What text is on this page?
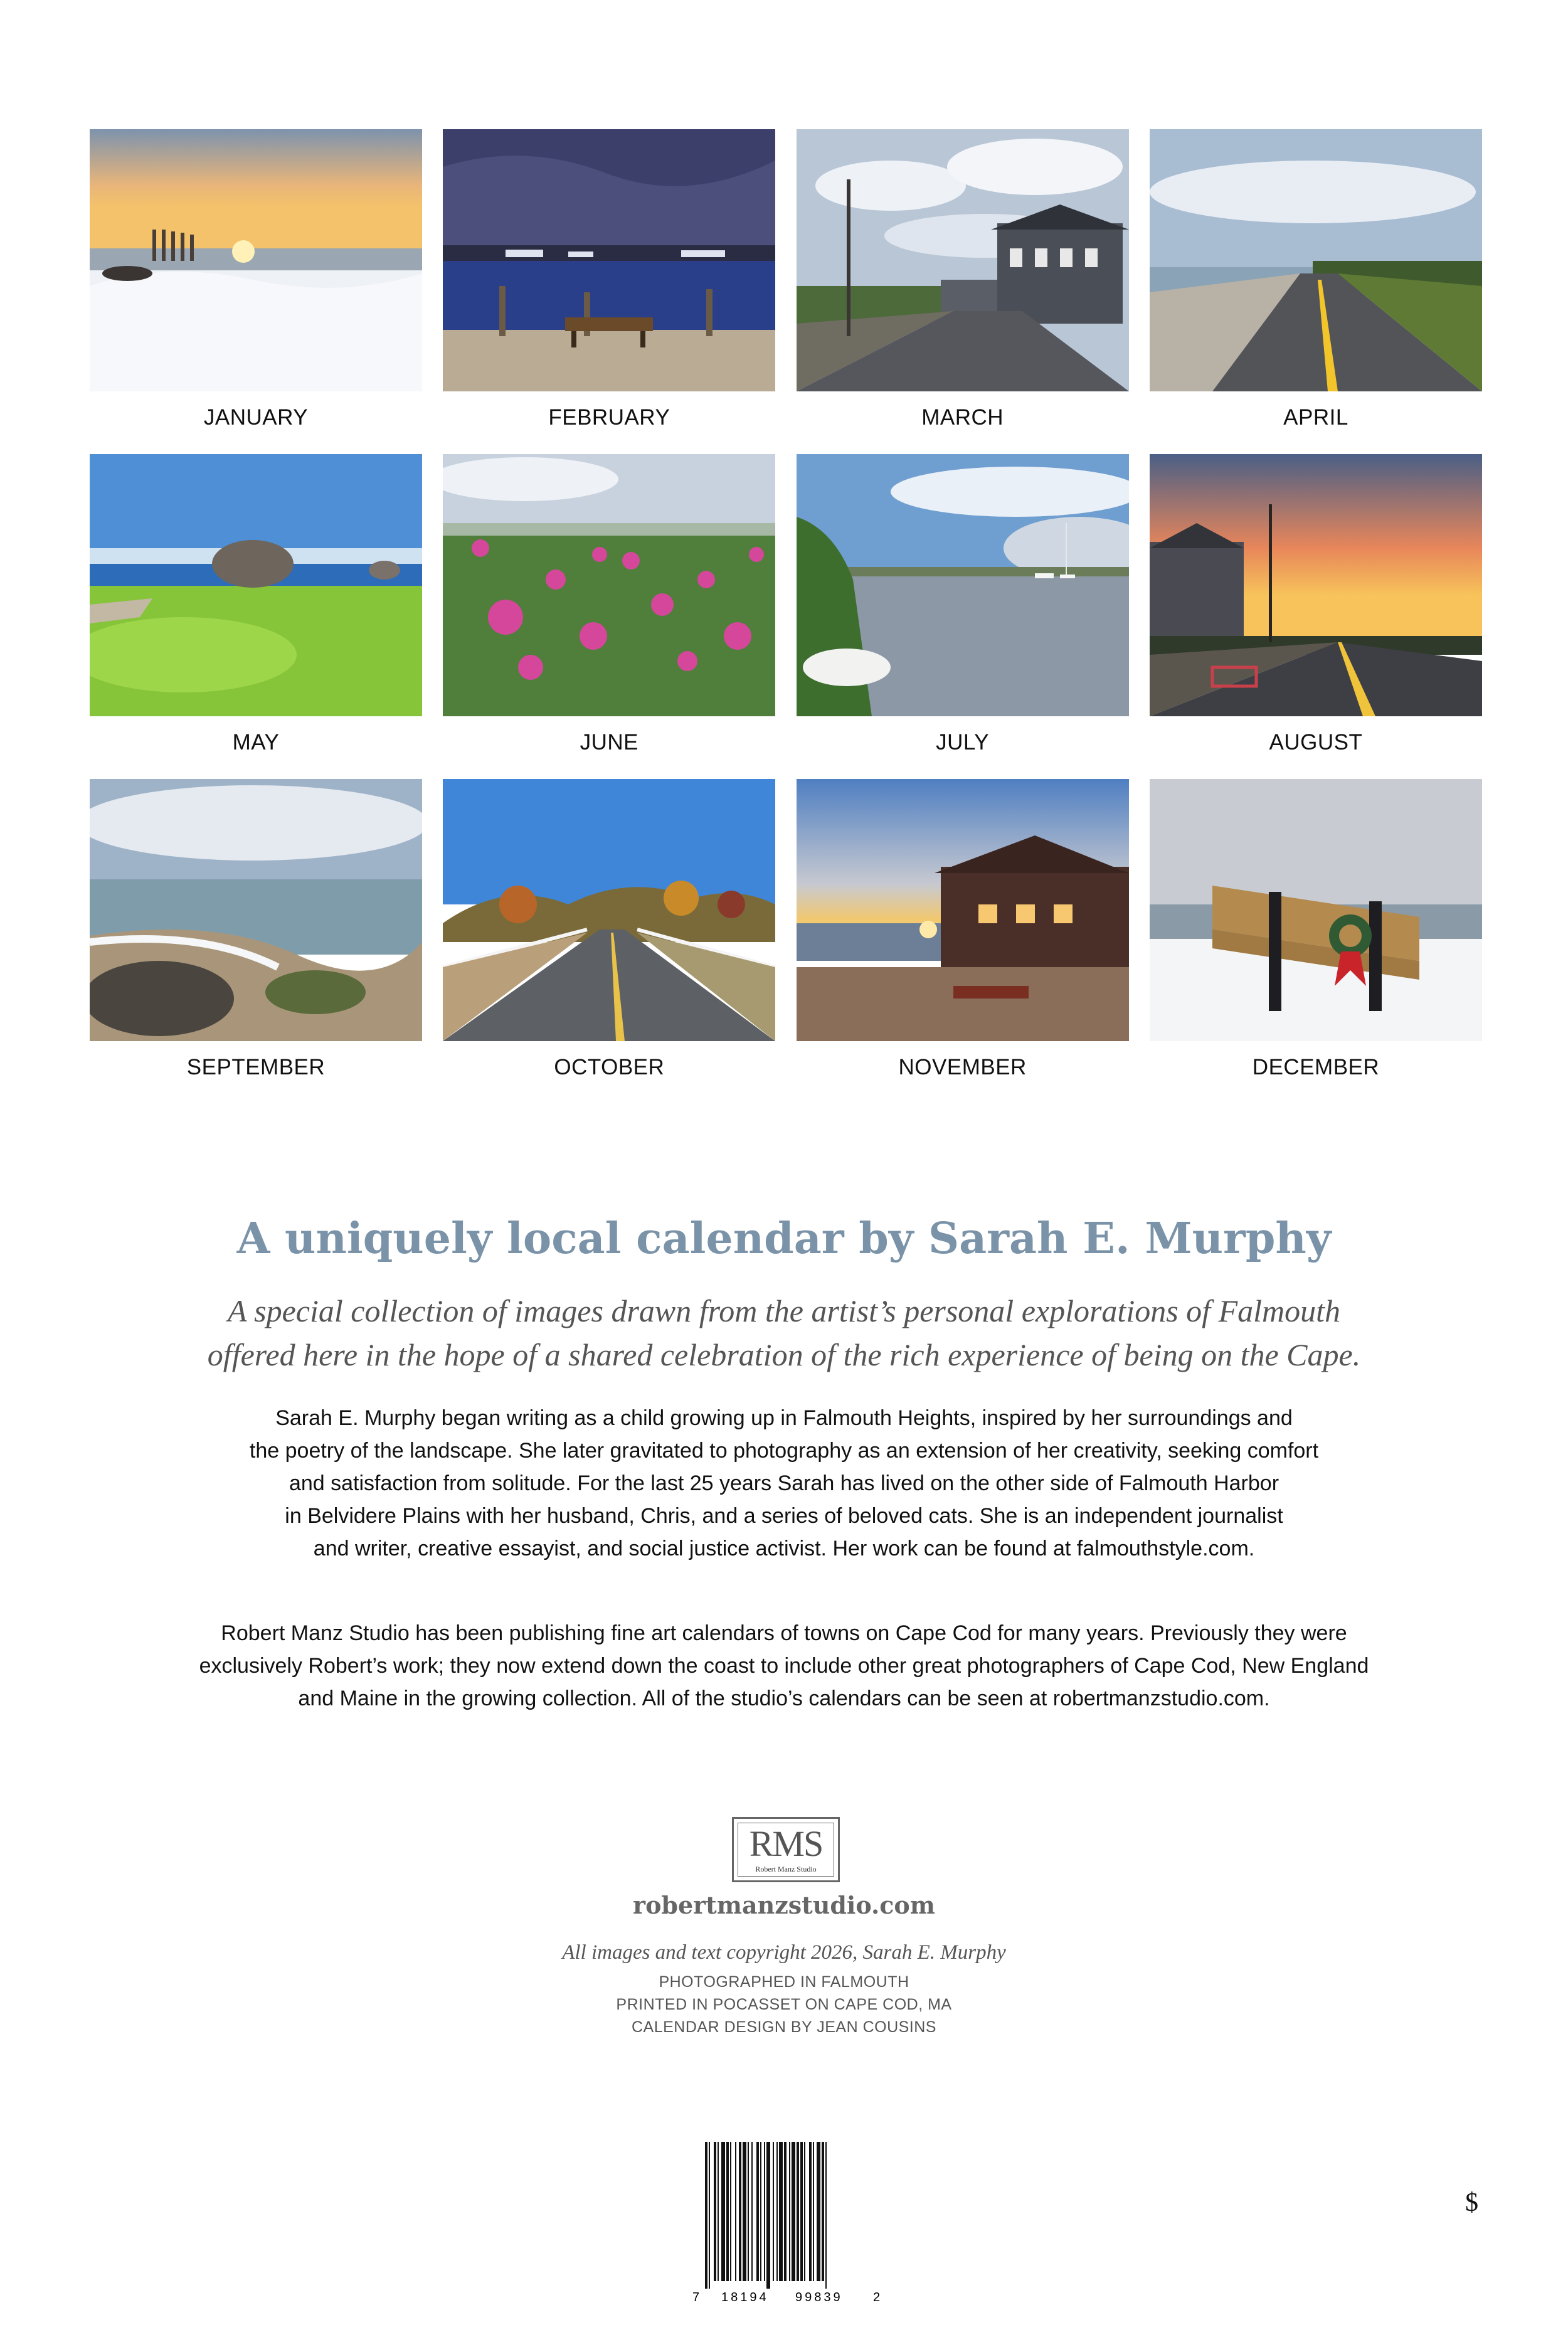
JANUARY	FEBRUARY	MARCH	APRIL
MAY	JUNE	JULY	AUGUST
SEPTEMBER	OCTOBER	NOVEMBER	DECEMBER
A uniquely local calendar by Sarah E. Murphy
A special collection of images drawn from the artist’s personal explorations of Falmouth
offered here in the hope of a shared celebration of the rich experience of being on the Cape.
Sarah E. Murphy began writing as a child growing up in Falmouth Heights, inspired by her surroundings and
the poetry of the landscape. She later gravitated to photography as an extension of her creativity, seeking comfort
and satisfaction from solitude. For the last 25 years Sarah has lived on the other side of Falmouth Harbor
in Belvidere Plains with her husband, Chris, and a series of beloved cats. She is an independent journalist
and writer, creative essayist, and social justice activist. Her work can be found at falmouthstyle.com.
Robert Manz Studio has been publishing fine art calendars of towns on Cape Cod for many years. Previously they were
exclusively Robert’s work; they now extend down the coast to include other great photographers of Cape Cod, New England
and Maine in the growing collection. All of the studio’s calendars can be seen at robertmanzstudio.com.
RMS
Robert Manz Studio
robertmanzstudio.com
All images and text copyright 2026, Sarah E. Murphy
PHOTOGRAPHED IN FALMOUTH
PRINTED IN POCASSET ON CAPE COD, MA
CALENDAR DESIGN BY JEAN COUSINS
7 18194 99839 2
$
